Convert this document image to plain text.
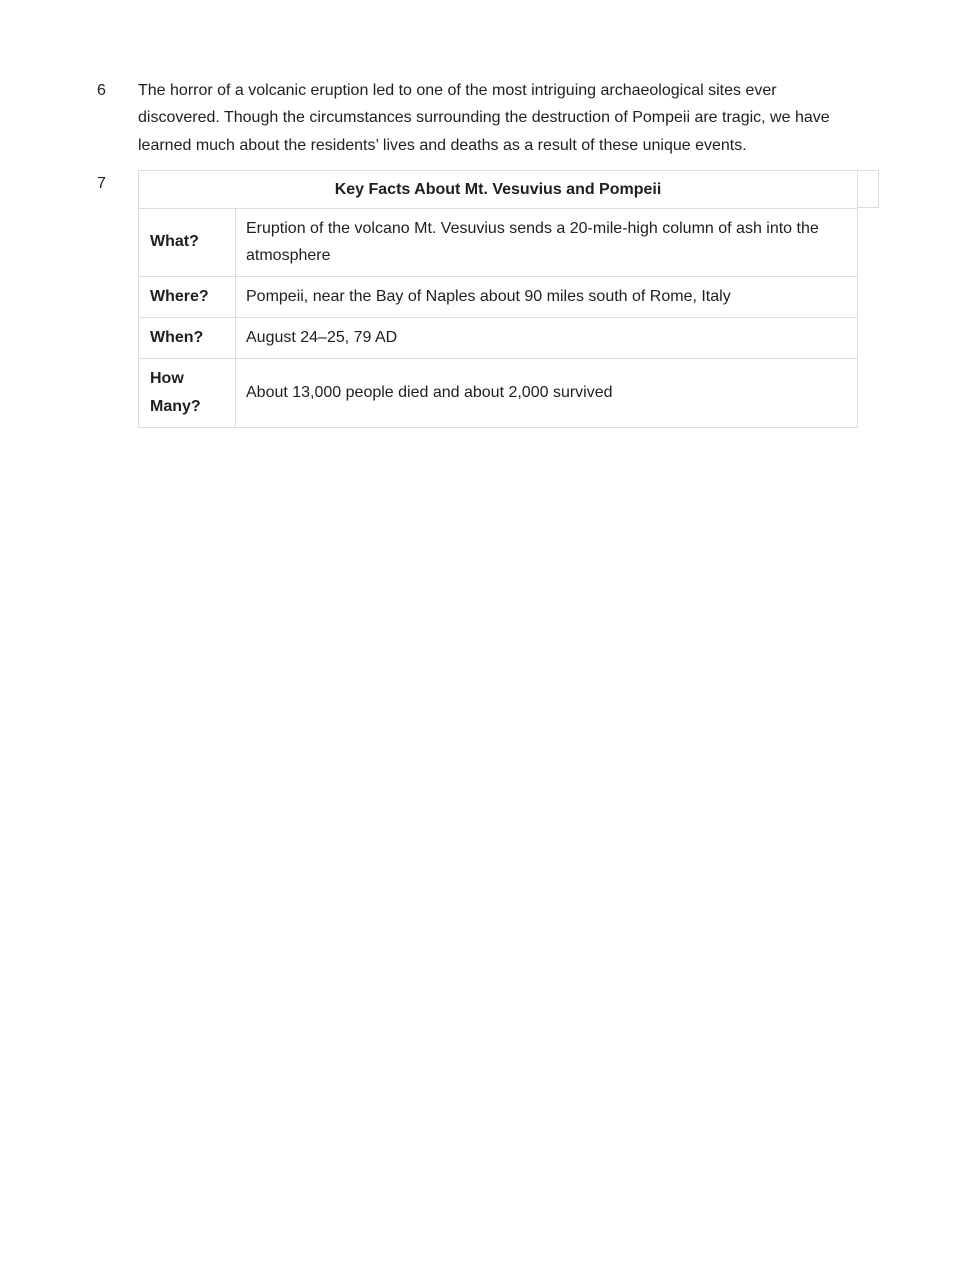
6 The horror of a volcanic eruption led to one of the most intriguing archaeological sites ever discovered. Though the circumstances surrounding the destruction of Pompeii are tragic, we have learned much about the residents’ lives and deaths as a result of these unique events.

7	Key Facts About Mt. Vesuvius and Pompeii	
What?	Eruption of the volcano Mt. Vesuvius sends a 20-mile-high column of ash into the atmosphere
Where?	Pompeii, near the Bay of Naples about 90 miles south of Rome, Italy
When?	August 24–25, 79 AD
How Many?	About 13,000 people died and about 2,000 survived
